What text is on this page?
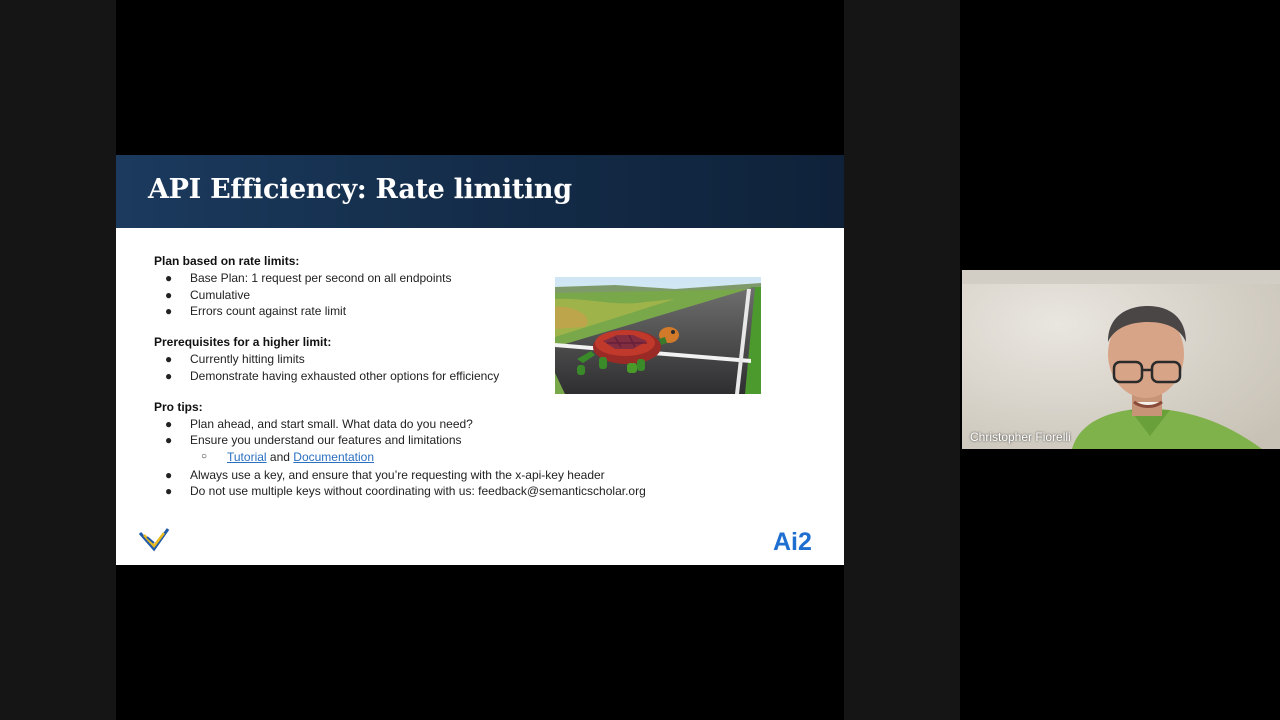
API Efficiency: Rate limiting
Plan based on rate limits:
● Base Plan: 1 request per second on all endpoints
● Cumulative
● Errors count against rate limit
Prerequisites for a higher limit:
● Currently hitting limits
● Demonstrate having exhausted other options for efficiency
Pro tips:
● Plan ahead, and start small. What data do you need?
● Ensure you understand our features and limitations
○ Tutorial and Documentation
● Always use a key, and ensure that you’re requesting with the x-api-key header
● Do not use multiple keys without coordinating with us: feedback@semanticscholar.org
Ai2
Christopher Fiorelli
